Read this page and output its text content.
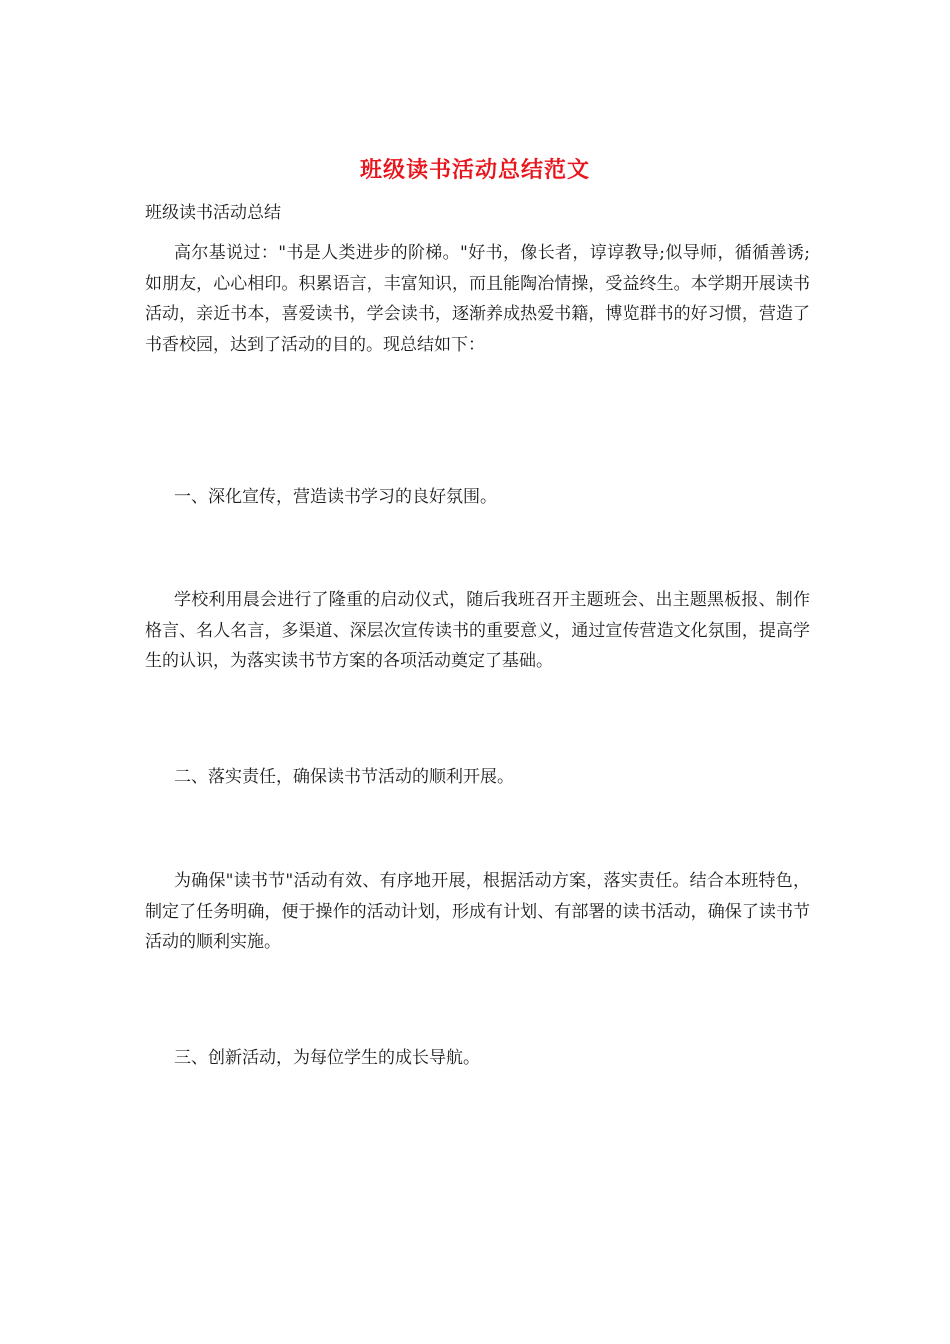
班级读书活动总结范文

班级读书活动总结

高尔基说过："书是人类进步的阶梯。"好书，像长者，谆谆教导;似导师，循循善诱;如朋友，心心相印。积累语言，丰富知识，而且能陶冶情操，受益终生。本学期开展读书活动，亲近书本，喜爱读书，学会读书，逐渐养成热爱书籍，博览群书的好习惯，营造了书香校园，达到了活动的目的。现总结如下：

一、深化宣传，营造读书学习的良好氛围。

学校利用晨会进行了隆重的启动仪式，随后我班召开主题班会、出主题黑板报、制作格言、名人名言，多渠道、深层次宣传读书的重要意义，通过宣传营造文化氛围，提高学生的认识，为落实读书节方案的各项活动奠定了基础。

二、落实责任，确保读书节活动的顺利开展。

为确保"读书节"活动有效、有序地开展，根据活动方案，落实责任。结合本班特色，制定了任务明确，便于操作的活动计划，形成有计划、有部署的读书活动，确保了读书节活动的顺利实施。

三、创新活动，为每位学生的成长导航。
